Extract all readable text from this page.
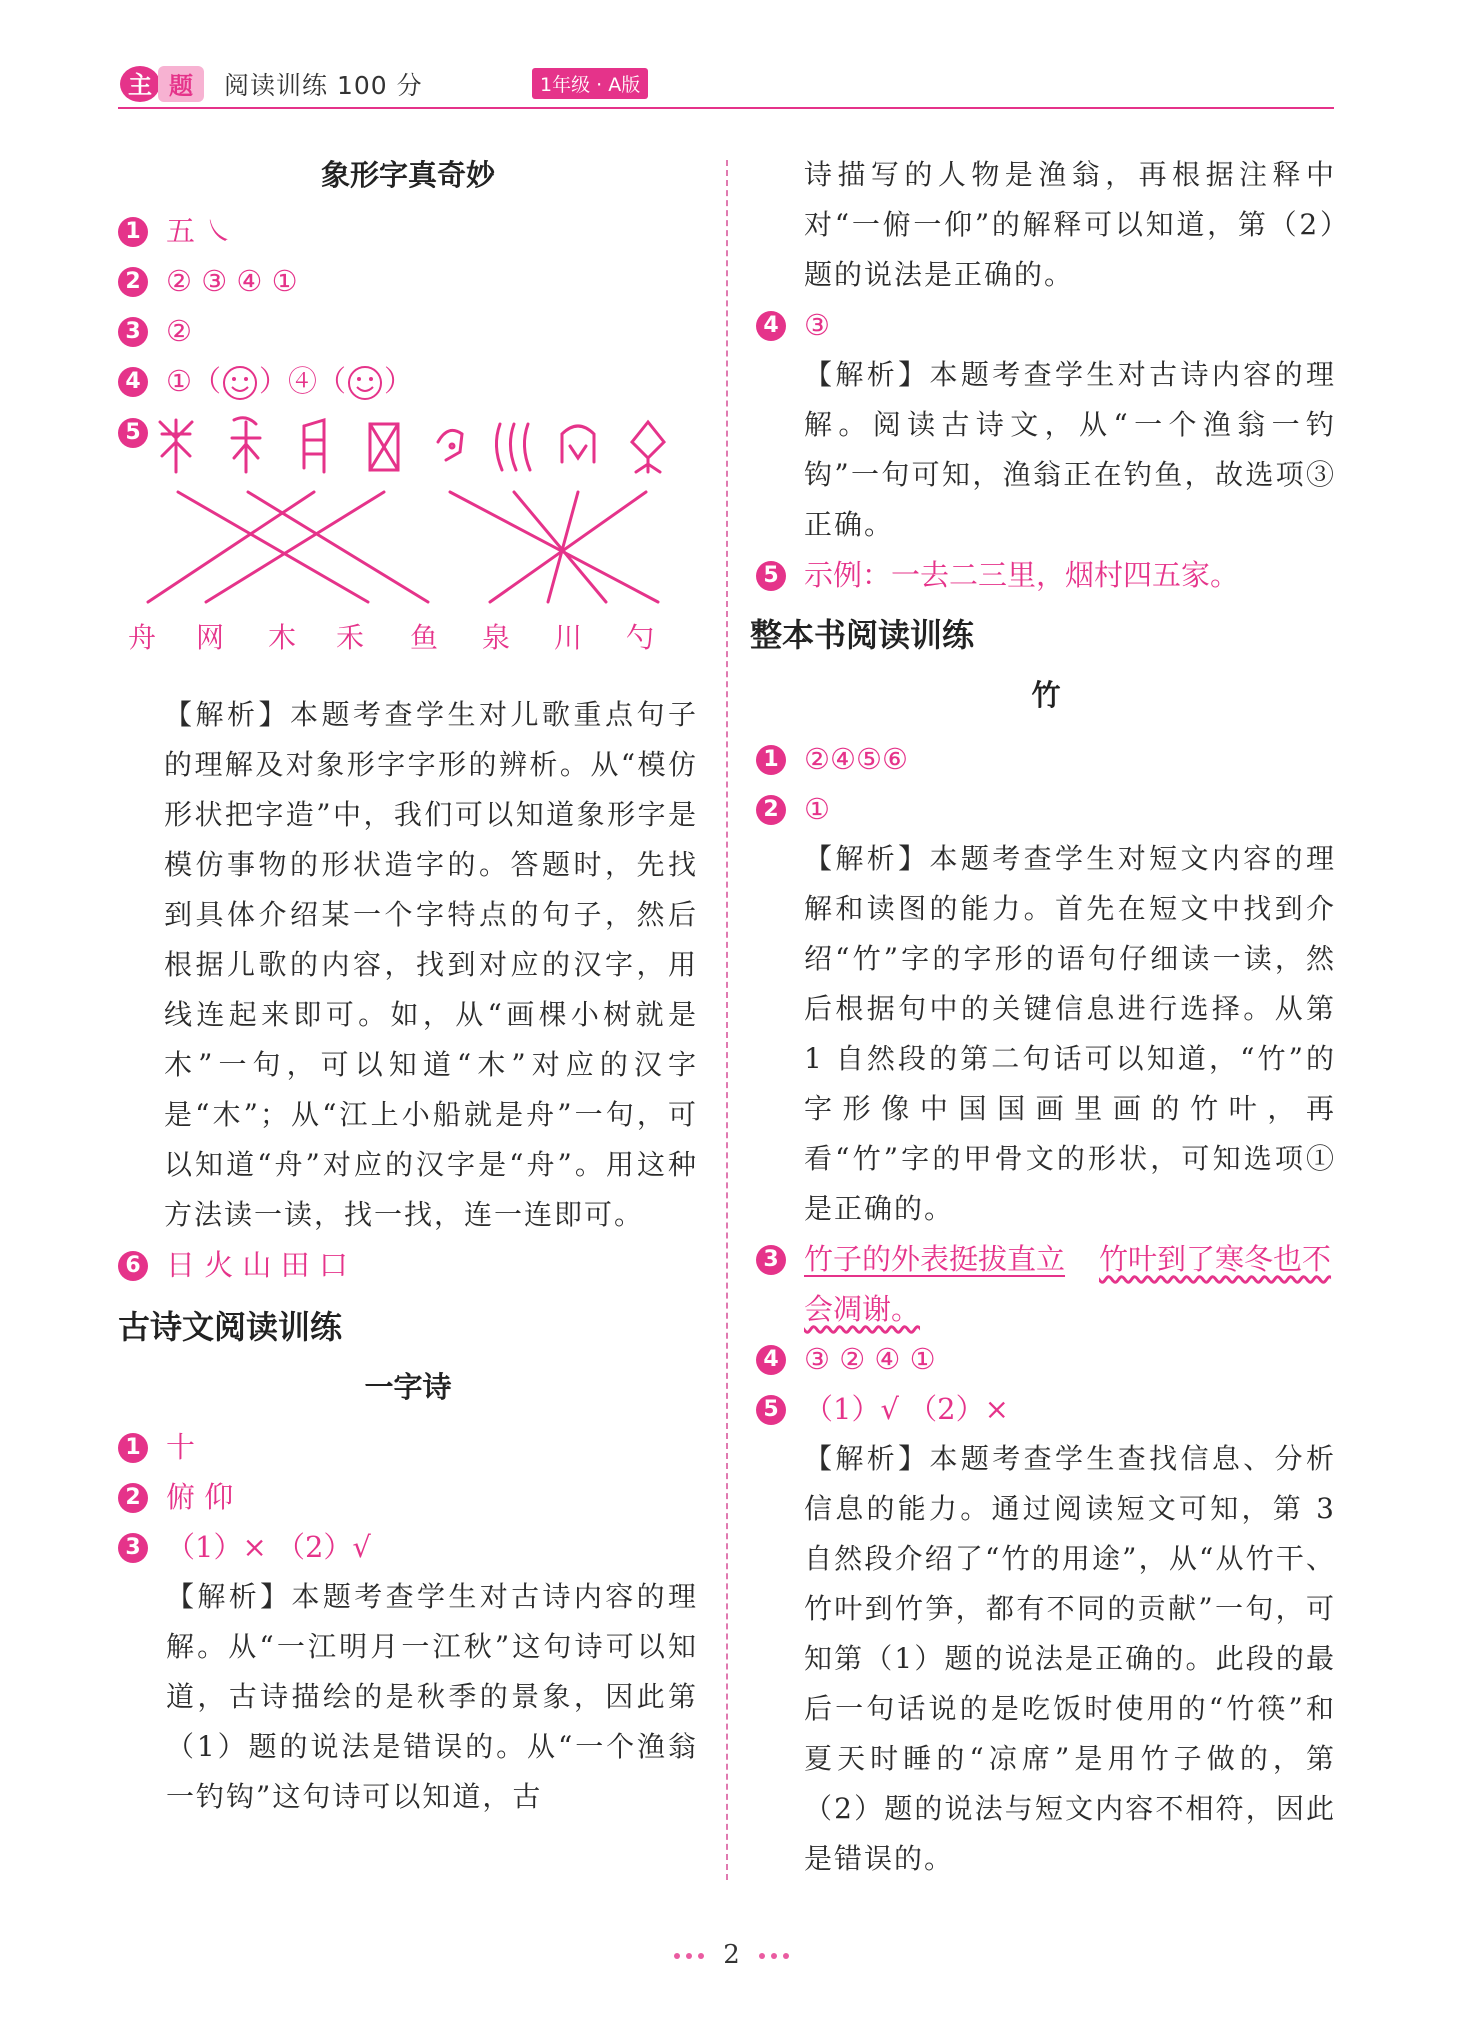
主 题 阅读训练 100 分	1年级 · A版
象形字真奇妙
1 五 ㇏
2 ② ③ ④ ①
3 ②
4 ①（ ）④（ ）
5
舟 网 木 禾 鱼 泉 川 勺
【解析】本题考查学生对儿歌重点句子的理解及对象形字字形的辨析。从“模仿形状把字造”中，我们可以知道象形字是模仿事物的形状造字的。答题时，先找到具体介绍某一个字特点的句子，然后根据儿歌的内容，找到对应的汉字，用线连起来即可。如，从“画棵小树就是木”一句，可以知道“木”对应的汉字是“木”；从“江上小船就是舟”一句，可以知道“舟”对应的汉字是“舟”。用这种方法读一读，找一找，连一连即可。
6 日 火 山 田 口
古诗文阅读训练
一字诗
1 十
2 俯 仰
3 （1）× （2）√
【解析】本题考查学生对古诗内容的理解。从“一江明月一江秋”这句诗可以知道，古诗描绘的是秋季的景象，因此第（1）题的说法是错误的。从“一个渔翁一钓钩”这句诗可以知道，古
诗描写的人物是渔翁，再根据注释中对“一俯一仰”的解释可以知道，第（2）题的说法是正确的。
4 ③
【解析】本题考查学生对古诗内容的理解。阅读古诗文，从“一个渔翁一钓钩”一句可知，渔翁正在钓鱼，故选项③正确。
5 示例：一去二三里，烟村四五家。
整本书阅读训练
竹
1 ②④⑤⑥
2 ①
【解析】本题考查学生对短文内容的理解和读图的能力。首先在短文中找到介绍“竹”字的字形的语句仔细读一读，然后根据句中的关键信息进行选择。从第 1 自然段的第二句话可以知道，“竹”的字形像中国国画里画的竹叶，再看“竹”字的甲骨文的形状，可知选项①是正确的。
3 竹子的外表挺拔直立 竹叶到了寒冬也不会凋谢。
4 ③ ② ④ ①
5 （1）√ （2）×
【解析】本题考查学生查找信息、分析信息的能力。通过阅读短文可知，第 3 自然段介绍了“竹的用途”，从“从竹干、竹叶到竹笋，都有不同的贡献”一句，可知第（1）题的说法是正确的。此段的最后一句话说的是吃饭时使用的“竹筷”和夏天时睡的“凉席”是用竹子做的，第（2）题的说法与短文内容不相符，因此是错误的。
2
